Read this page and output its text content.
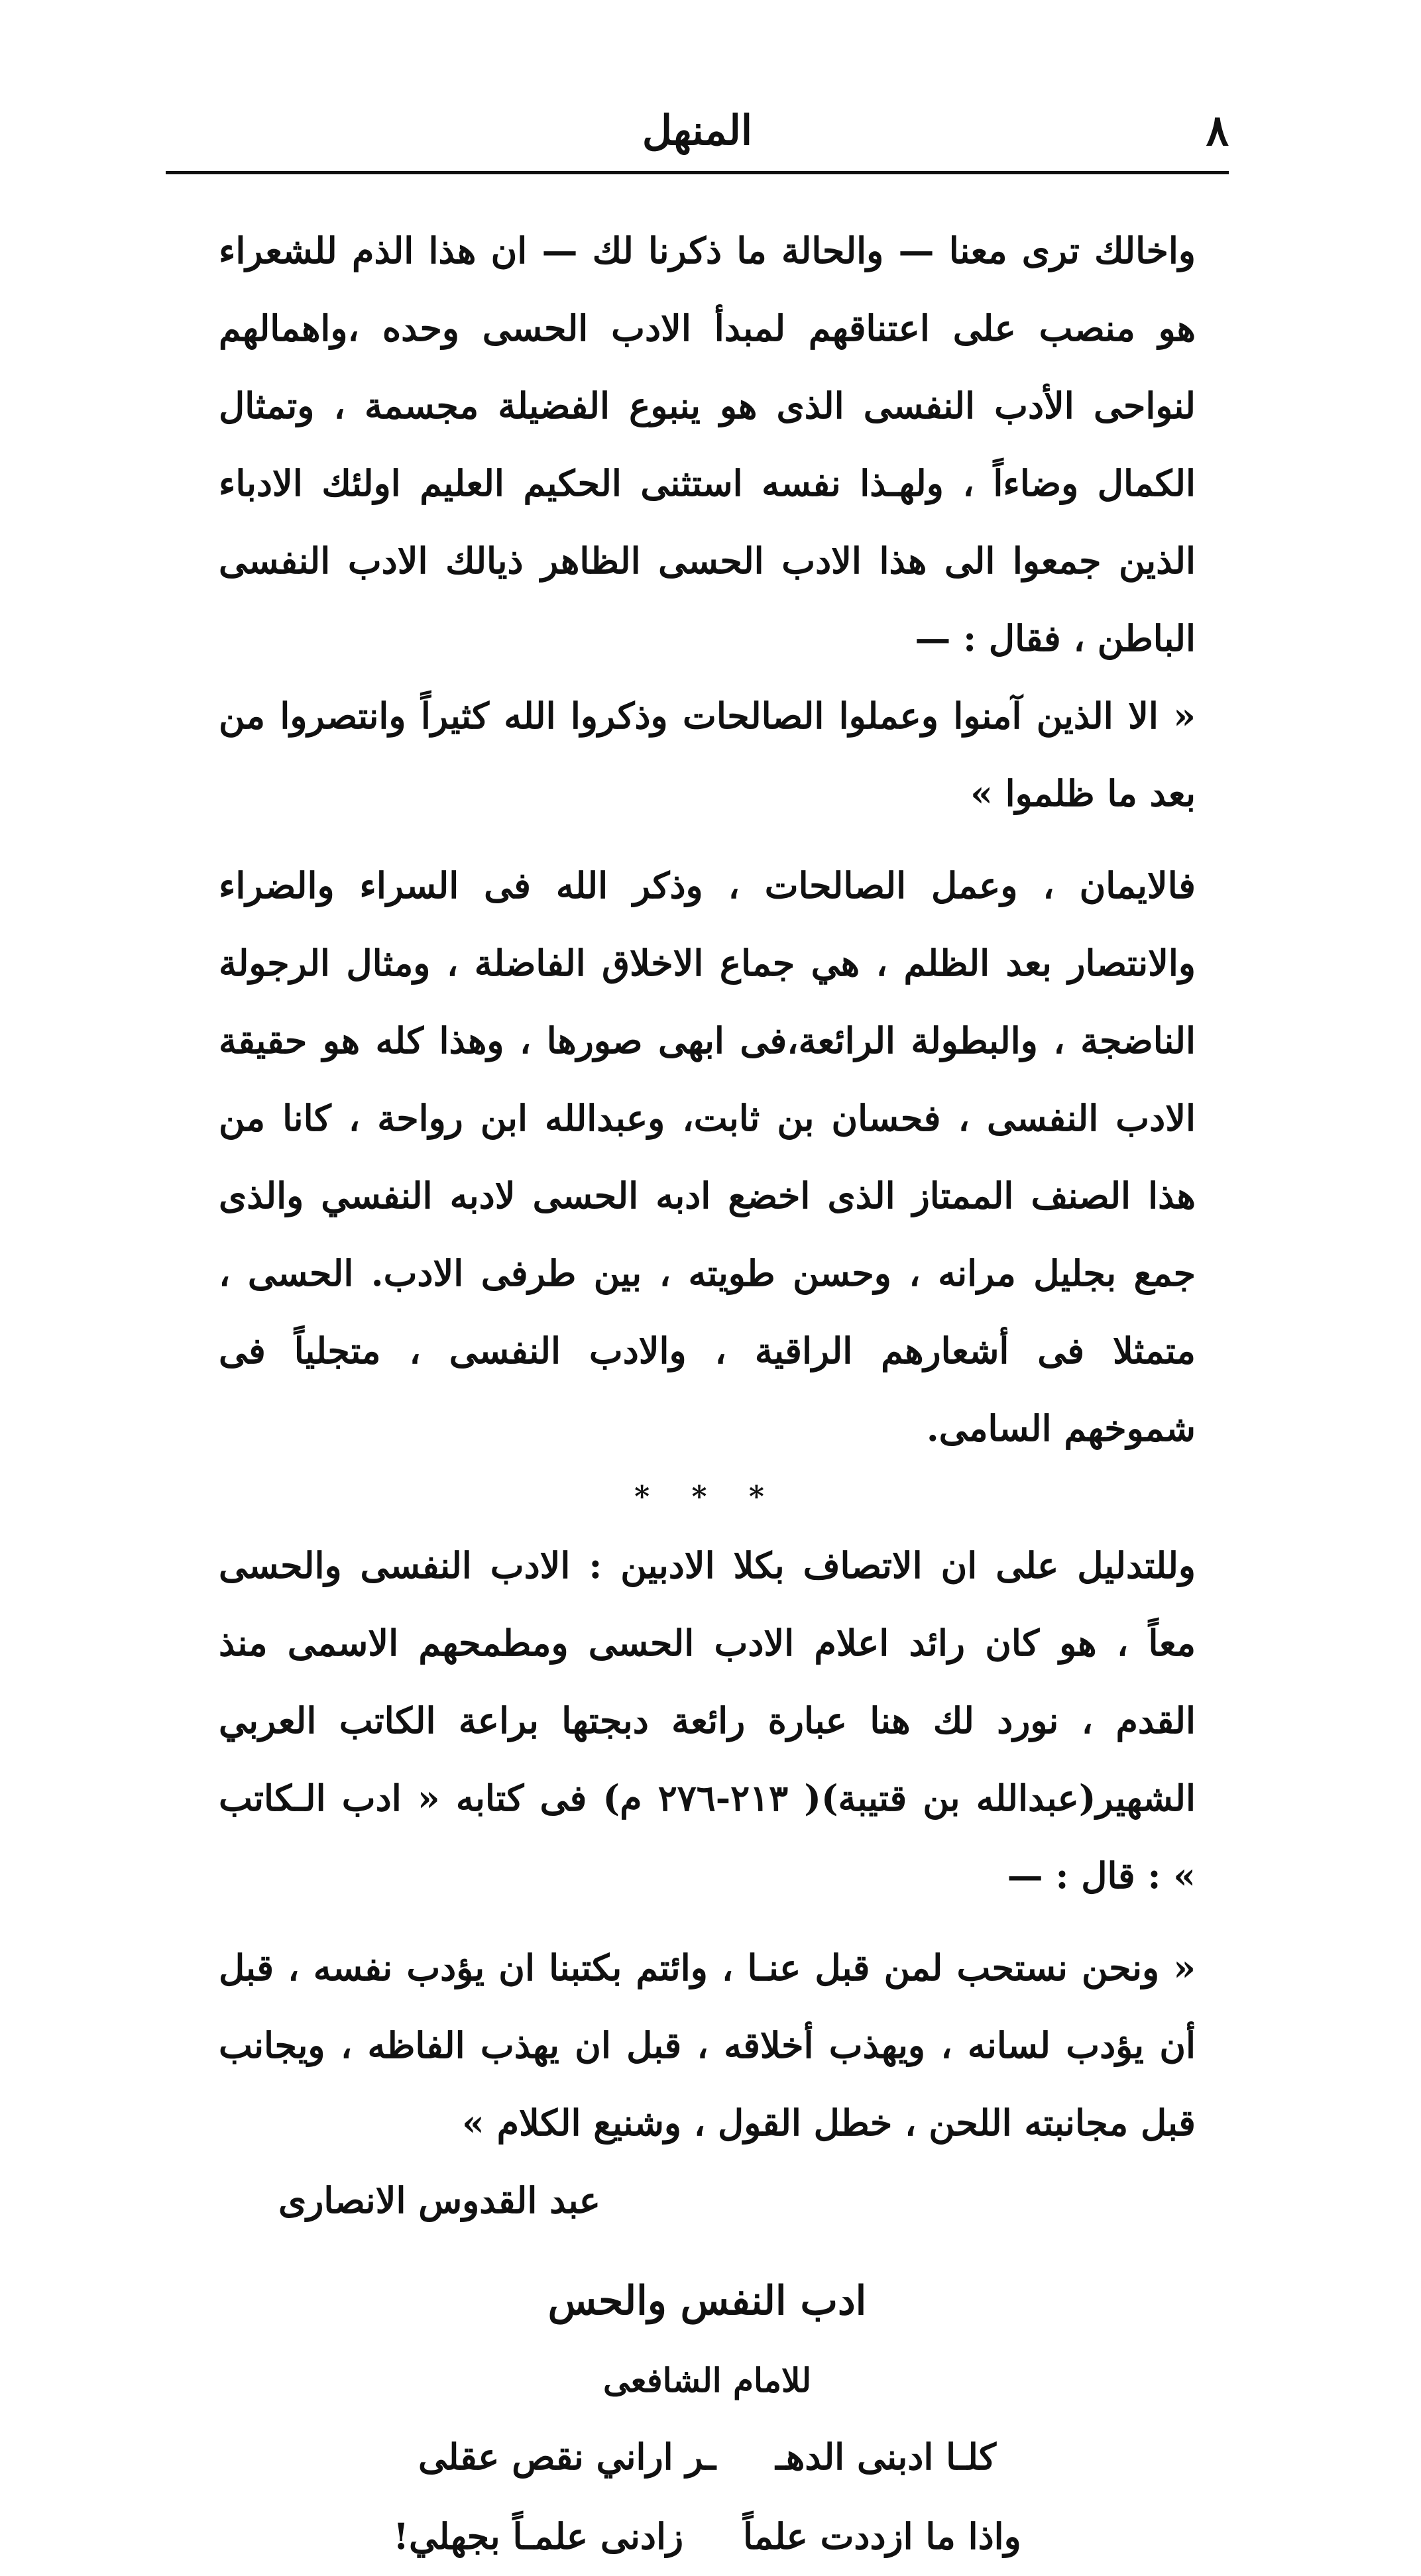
٨
المنهل

واخالك ترى معنا — والحالة ما ذكرنا لك — ان هذا الذم للشعراء هو منصب على اعتناقهم لمبدأ الادب الحسى وحده ،واهمالهم لنواحى الأدب النفسى الذى هو ينبوع الفضيلة مجسمة ، وتمثال الكمال وضاءاً ، ولهـذا نفسه استثنى الحكيم العليم اولئك الادباء الذين جمعوا الى هذا الادب الحسى الظاهر ذيالك الادب النفسى الباطن ، فقال : —

« الا الذين آمنوا وعملوا الصالحات وذكروا الله كثيراً وانتصروا من بعد ما ظلموا »

فالايمان ، وعمل الصالحات ، وذكر الله فى السراء والضراء والانتصار بعد الظلم ، هي جماع الاخلاق الفاضلة ، ومثال الرجولة الناضجة ، والبطولة الرائعة،فى ابهى صورها ، وهذا كله هو حقيقة الادب النفسى ، فحسان بن ثابت، وعبدالله ابن رواحة ، كانا من هذا الصنف الممتاز الذى اخضع ادبه الحسى لادبه النفسي والذى جمع بجليل مرانه ، وحسن طويته ، بين طرفى الادب. الحسى ، متمثلا فى أشعارهم الراقية ، والادب النفسى ، متجلياً فى شموخهم السامى.

* * *

وللتدليل على ان الاتصاف بكلا الادبين : الادب النفسى والحسى معاً ، هو كان رائد اعلام الادب الحسى ومطمحهم الاسمى منذ القدم ، نورد لك هنا عبارة رائعة دبجتها براعة الكاتب العربي الشهير(عبدالله بن قتيبة)( ٢١٣-٢٧٦ م) فى كتابه « ادب الـكاتب » : قال : —

« ونحن نستحب لمن قبل عنـا ، وائتم بكتبنا ان يؤدب نفسه ، قبل أن يؤدب لسانه ، ويهذب أخلاقه ، قبل ان يهذب الفاظه ، ويجانب قبل مجانبته اللحن ، خطل القول ، وشنيع الكلام »

عبد القدوس الانصارى
ادب النفس والحس
للامام الشافعى
كلـا ادبنى الدهـ
ـر اراني نقص عقلى
واذا ما ازددت علماً
زادنى علمـاً بجهلي!
